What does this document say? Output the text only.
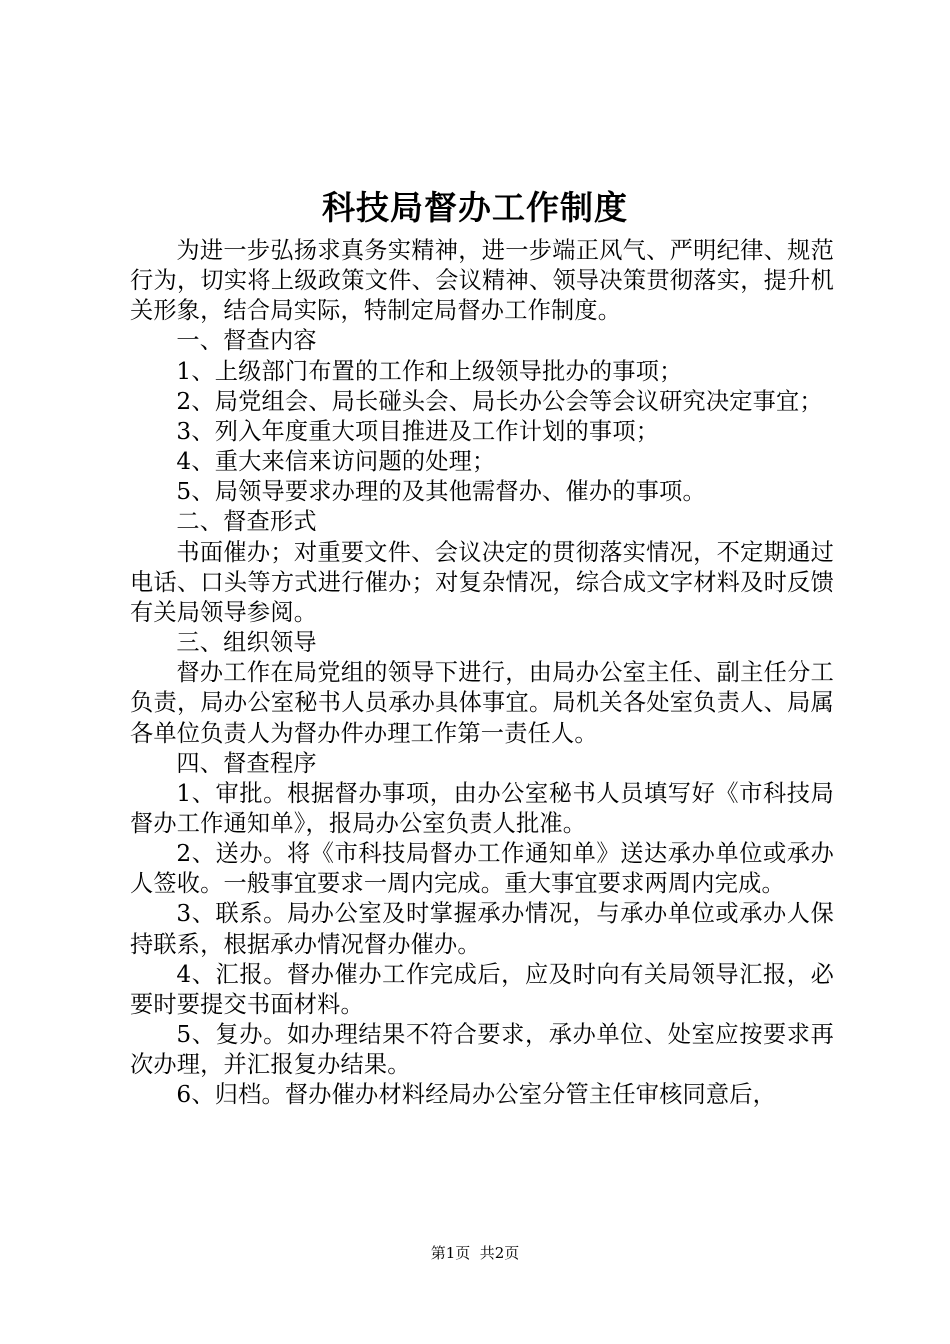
科技局督办工作制度

为进一步弘扬求真务实精神，进一步端正风气、严明纪律、规范行为，切实将上级政策文件、会议精神、领导决策贯彻落实，提升机关形象，结合局实际，特制定局督办工作制度。

一、督查内容

1、上级部门布置的工作和上级领导批办的事项；

2、局党组会、局长碰头会、局长办公会等会议研究决定事宜；

3、列入年度重大项目推进及工作计划的事项；

4、重大来信来访问题的处理；

5、局领导要求办理的及其他需督办、催办的事项。

二、督查形式

书面催办；对重要文件、会议决定的贯彻落实情况，不定期通过电话、口头等方式进行催办；对复杂情况，综合成文字材料及时反馈有关局领导参阅。

三、组织领导

督办工作在局党组的领导下进行，由局办公室主任、副主任分工负责，局办公室秘书人员承办具体事宜。局机关各处室负责人、局属各单位负责人为督办件办理工作第一责任人。

四、督查程序

1、审批。根据督办事项，由办公室秘书人员填写好《市科技局督办工作通知单》，报局办公室负责人批准。

2、送办。将《市科技局督办工作通知单》送达承办单位或承办人签收。一般事宜要求一周内完成。重大事宜要求两周内完成。

3、联系。局办公室及时掌握承办情况，与承办单位或承办人保持联系，根据承办情况督办催办。

4、汇报。督办催办工作完成后，应及时向有关局领导汇报，必要时要提交书面材料。

5、复办。如办理结果不符合要求，承办单位、处室应按要求再次办理，并汇报复办结果。

6、归档。督办催办材料经局办公室分管主任审核同意后，

第1页  共2页
